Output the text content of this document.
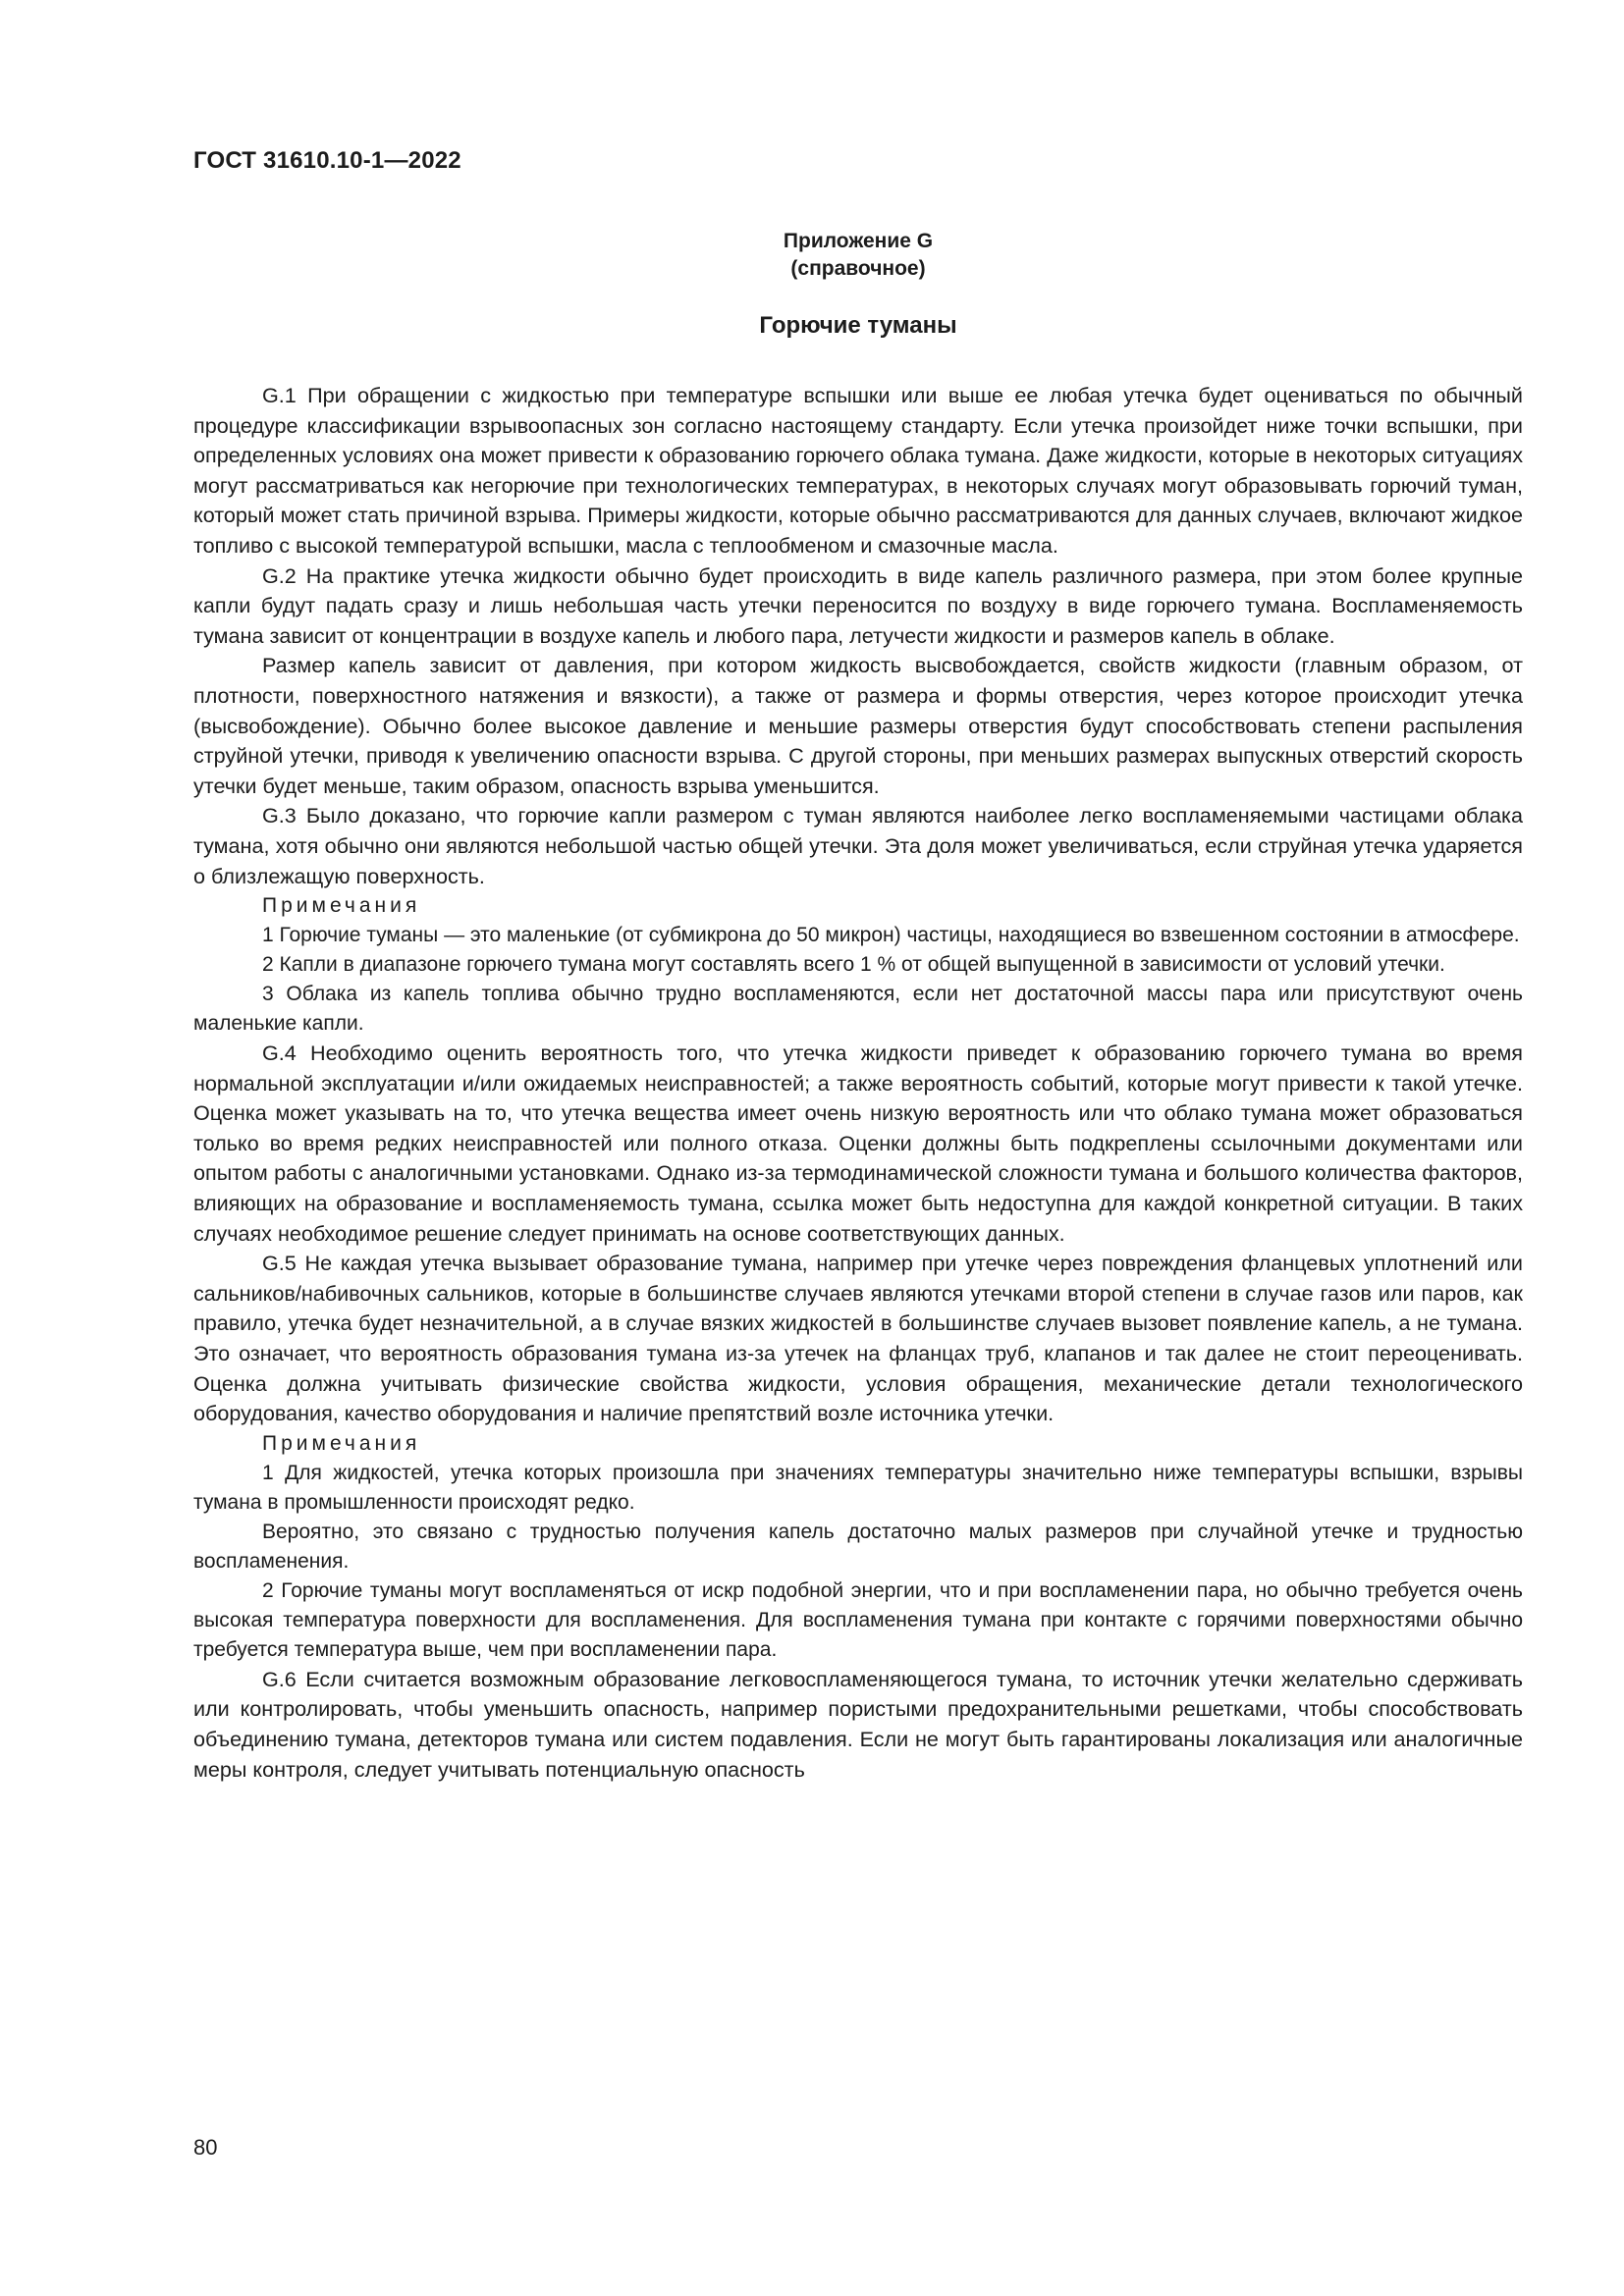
ГОСТ 31610.10-1—2022
Приложение G
(справочное)
Горючие туманы

G.1 При обращении с жидкостью при температуре вспышки или выше ее любая утечка будет оцениваться по обычный процедуре классификации взрывоопасных зон согласно настоящему стандарту. Если утечка произойдет ниже точки вспышки, при определенных условиях она может привести к образованию горючего облака тумана. Даже жидкости, которые в некоторых ситуациях могут рассматриваться как негорючие при технологических температурах, в некоторых случаях могут образовывать горючий туман, который может стать причиной взрыва. Примеры жидкости, которые обычно рассматриваются для данных случаев, включают жидкое топливо с высокой температурой вспышки, масла с теплообменом и смазочные масла.

G.2 На практике утечка жидкости обычно будет происходить в виде капель различного размера, при этом более крупные капли будут падать сразу и лишь небольшая часть утечки переносится по воздуху в виде горючего тумана. Воспламеняемость тумана зависит от концентрации в воздухе капель и любого пара, летучести жидкости и размеров капель в облаке.

Размер капель зависит от давления, при котором жидкость высвобождается, свойств жидкости (главным образом, от плотности, поверхностного натяжения и вязкости), а также от размера и формы отверстия, через которое происходит утечка (высвобождение). Обычно более высокое давление и меньшие размеры отверстия будут способствовать степени распыления струйной утечки, приводя к увеличению опасности взрыва. С другой стороны, при меньших размерах выпускных отверстий скорость утечки будет меньше, таким образом, опасность взрыва уменьшится.

G.3 Было доказано, что горючие капли размером с туман являются наиболее легко воспламеняемыми частицами облака тумана, хотя обычно они являются небольшой частью общей утечки. Эта доля может увеличиваться, если струйная утечка ударяется о близлежащую поверхность.

Примечания

1 Горючие туманы — это маленькие (от субмикрона до 50 микрон) частицы, находящиеся во взвешенном состоянии в атмосфере.

2 Капли в диапазоне горючего тумана могут составлять всего 1 % от общей выпущенной в зависимости от условий утечки.

3 Облака из капель топлива обычно трудно воспламеняются, если нет достаточной массы пара или присутствуют очень маленькие капли.

G.4 Необходимо оценить вероятность того, что утечка жидкости приведет к образованию горючего тумана во время нормальной эксплуатации и/или ожидаемых неисправностей; а также вероятность событий, которые могут привести к такой утечке. Оценка может указывать на то, что утечка вещества имеет очень низкую вероятность или что облако тумана может образоваться только во время редких неисправностей или полного отказа. Оценки должны быть подкреплены ссылочными документами или опытом работы с аналогичными установками. Однако из-за термодинамической сложности тумана и большого количества факторов, влияющих на образование и воспламеняемость тумана, ссылка может быть недоступна для каждой конкретной ситуации. В таких случаях необходимое решение следует принимать на основе соответствующих данных.

G.5 Не каждая утечка вызывает образование тумана, например при утечке через повреждения фланцевых уплотнений или сальников/набивочных сальников, которые в большинстве случаев являются утечками второй степени в случае газов или паров, как правило, утечка будет незначительной, а в случае вязких жидкостей в большинстве случаев вызовет появление капель, а не тумана. Это означает, что вероятность образования тумана из-за утечек на фланцах труб, клапанов и так далее не стоит переоценивать. Оценка должна учитывать физические свойства жидкости, условия обращения, механические детали технологического оборудования, качество оборудования и наличие препятствий возле источника утечки.

Примечания

1 Для жидкостей, утечка которых произошла при значениях температуры значительно ниже температуры вспышки, взрывы тумана в промышленности происходят редко.

Вероятно, это связано с трудностью получения капель достаточно малых размеров при случайной утечке и трудностью воспламенения.

2 Горючие туманы могут воспламеняться от искр подобной энергии, что и при воспламенении пара, но обычно требуется очень высокая температура поверхности для воспламенения. Для воспламенения тумана при контакте с горячими поверхностями обычно требуется температура выше, чем при воспламенении пара.

G.6 Если считается возможным образование легковоспламеняющегося тумана, то источник утечки желательно сдерживать или контролировать, чтобы уменьшить опасность, например пористыми предохранительными решетками, чтобы способствовать объединению тумана, детекторов тумана или систем подавления. Если не могут быть гарантированы локализация или аналогичные меры контроля, следует учитывать потенциальную опасность

80
